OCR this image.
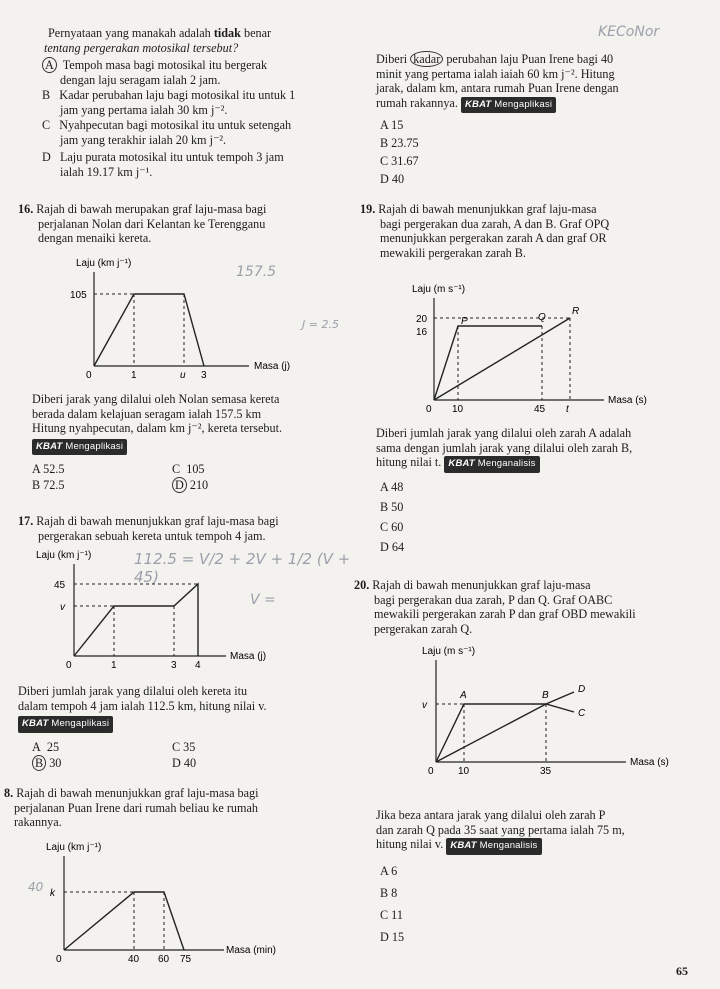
Pernyataan yang manakah adalah tidak benar
tentang pergerakan motosikal tersebut?
A Tempoh masa bagi motosikal itu bergerak
dengan laju seragam ialah 2 jam.
B   Kadar perubahan laju bagi motosikal itu untuk 1
jam yang pertama ialah 30 km j⁻².
C   Nyahpecutan bagi motosikal itu untuk setengah
jam yang terakhir ialah 20 km j⁻².
D   Laju purata motosikal itu untuk tempoh 3 jam
ialah 19.17 km j⁻¹.
16. Rajah di bawah merupakan graf laju-masa bagi
perjalanan Nolan dari Kelantan ke Terengganu
dengan menaiki kereta.
Laju (km j⁻¹)
Masa (j)
105
0	1	u 3
157.5
J = 2.5
Diberi jarak yang dilalui oleh Nolan semasa kereta
berada dalam kelajuan seragam ialah 157.5 km
Hitung nyahpecutan, dalam km j⁻², kereta tersebut.
KBAT Mengaplikasi
A 52.5
B 72.5
C 105
D 210
17. Rajah di bawah menunjukkan graf laju-masa bagi
pergerakan sebuah kereta untuk tempoh 4 jam.
112.5 = V/2 + 2V + 1/2 (V + 45)
V =
Laju (km j⁻¹)
Masa (j)
45
v
0	1	3 4
Diberi jumlah jarak yang dilalui oleh kereta itu
dalam tempoh 4 jam ialah 112.5 km, hitung nilai v.
KBAT Mengaplikasi
A 25
B 30
C 35
D 40
8. Rajah di bawah menunjukkan graf laju-masa bagi
perjalanan Puan Irene dari rumah beliau ke rumah
rakannya.
Laju (km j⁻¹)
Masa (min)
k
0	40 60 75
40
KECoNor
Diberi kadar perubahan laju Puan Irene bagi 40
minit yang pertama ialah iaiah 60 km j⁻². Hitung
jarak, dalam km, antara rumah Puan Irene dengan
rumah rakannya. KBAT Mengaplikasi
A 15
B 23.75
C 31.67
D 40
19. Rajah di bawah menunjukkan graf laju-masa
bagi pergerakan dua zarah, A dan B. Graf OPQ
menunjukkan pergerakan zarah A dan graf OR
mewakili pergerakan zarah B.
Laju (m s⁻¹)
Masa (s)
20
16
0 10	45 t
P	Q
R
Diberi jumlah jarak yang dilalui oleh zarah A adalah
sama dengan jumlah jarak yang dilalui oleh zarah B,
hitung nilai t. KBAT Menganalisis
A 48
B 50
C 60
D 64
20. Rajah di bawah menunjukkan graf laju-masa
bagi pergerakan dua zarah, P dan Q. Graf OABC
mewakili pergerakan zarah P dan graf OBD mewakili
pergerakan zarah Q.
Laju (m s⁻¹)
Masa (s)
v
0 10	35
A	B
C
D
Jika beza antara jarak yang dilalui oleh zarah P
dan zarah Q pada 35 saat yang pertama ialah 75 m,
hitung nilai v. KBAT Menganalisis
A 6
B 8
C 11
D 15
65
